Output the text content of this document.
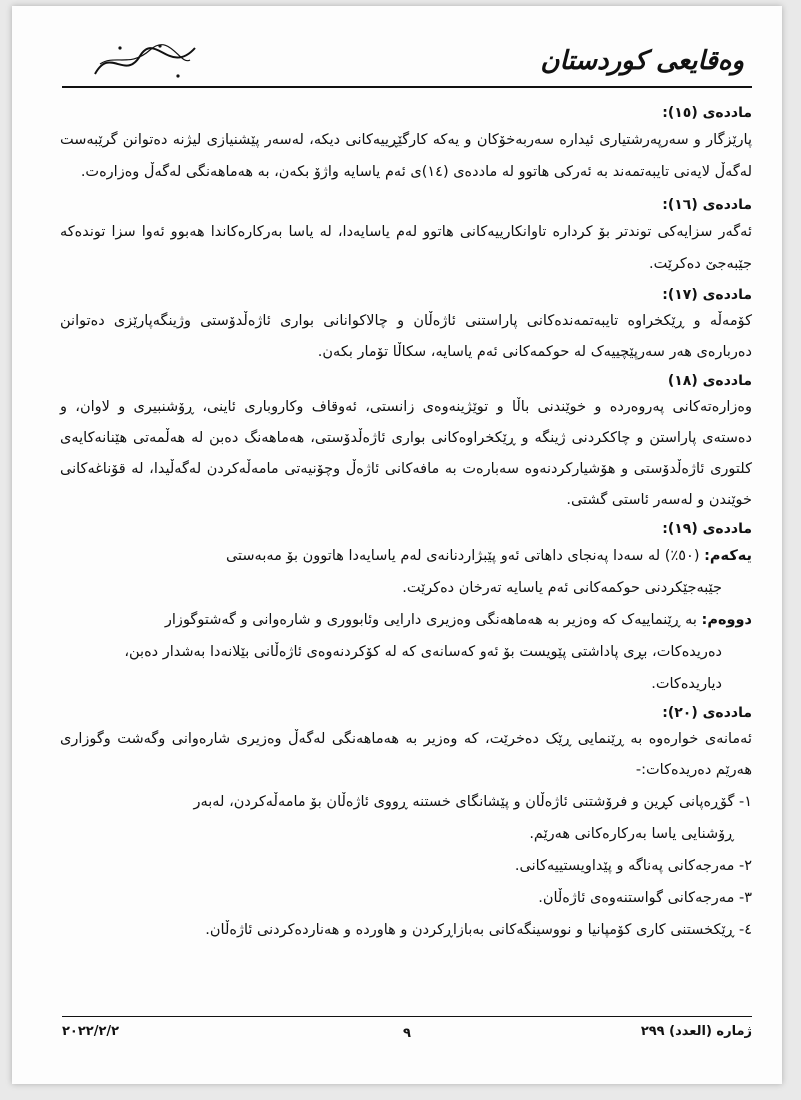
وەقایعی کوردستان
ماددەی (١٥):

پارێزگار و سەرپەرشتیاری ئیدارە سەربەخۆکان و یەکە کارگێڕییەکانی دیکە، لەسەر پێشنیازی لیژنە دەتوانن گرێبەست لەگەڵ لایەنی تایبەتمەند بە ئەرکی هاتوو لە ماددەی (١٤)ی ئەم یاسایە واژۆ بکەن، بە هەماهەنگی لەگەڵ وەزارەت.

ماددەی (١٦):

ئەگەر سزایەکی توندتر بۆ کردارە تاوانکارییەکانی هاتوو لەم یاسایەدا، لە یاسا بەرکارەکاندا هەبوو ئەوا سزا توندەکە جێبەجێ دەکرێت.

ماددەی (١٧):

کۆمەڵە و ڕێکخراوە تایبەتمەندەکانی پاراستنی ئاژەڵان و چالاکوانانی بواری ئاژەڵدۆستی وژینگەپارێزی دەتوانن دەربارەی هەر سەرپێچییەک لە حوکمەکانی ئەم یاسایە، سکاڵا تۆمار بکەن.

ماددەی (١٨)

وەزارەتەکانی پەروەردە و خوێندنی باڵا و توێژینەوەی زانستی، ئەوقاف وکاروباری ئاینی، ڕۆشنبیری و لاوان، و دەستەی پاراستن و چاککردنی ژینگە و ڕێکخراوەکانی بواری ئاژەڵدۆستی، هەماهەنگ دەبن لە هەڵمەتی هێنانەکایەی کلتوری ئاژەڵدۆستی و هۆشیارکردنەوە سەبارەت بە مافەکانی ئاژەڵ وچۆنیەتی مامەڵەکردن لەگەڵیدا، لە قۆناغەکانی خوێندن و لەسەر ئاستی گشتی.

ماددەی (١٩):
یەکەم: (٥٠٪) لە سەدا پەنجای داهاتی ئەو پێبژاردنانەی لەم یاسایەدا هاتوون بۆ مەبەستی
جێبەجێکردنی حوکمەکانی ئەم یاسایە تەرخان دەکرێت.
دووەم: بە ڕێنماییەک کە وەزیر بە هەماهەنگی وەزیری دارایی وئابووری و شارەوانی و گەشتوگوزار
دەریدەکات، بڕی پاداشتی پێویست بۆ ئەو کەسانەی کە لە کۆکردنەوەی ئاژەڵانی بێلانەدا بەشدار دەبن، دیاریدەکات.
ماددەی (٢٠):

ئەمانەی خوارەوە بە ڕێنمایی ڕێک دەخرێت، کە وەزیر بە هەماهەنگی لەگەڵ وەزیری شارەوانی وگەشت وگوزاری هەرێم دەریدەکات:-

١- گۆڕەپانی کڕین و فرۆشتنی ئاژەڵان و پێشانگای خستنە ڕووی ئاژەڵان بۆ مامەڵەکردن، لەبەر
ڕۆشنایی یاسا بەرکارەکانی هەرێم.
٢- مەرجەکانی پەناگە و پێداویستییەکانی.
٣- مەرجەکانی گواستنەوەی ئاژەڵان.
٤- ڕێکخستنی کاری کۆمپانیا و نووسینگەکانی بەبازاڕکردن و هاوردە و هەناردەکردنی ئاژەڵان.
ژمارە (العدد) ٢٩٩
٩
٢٠٢٢/٢/٢
